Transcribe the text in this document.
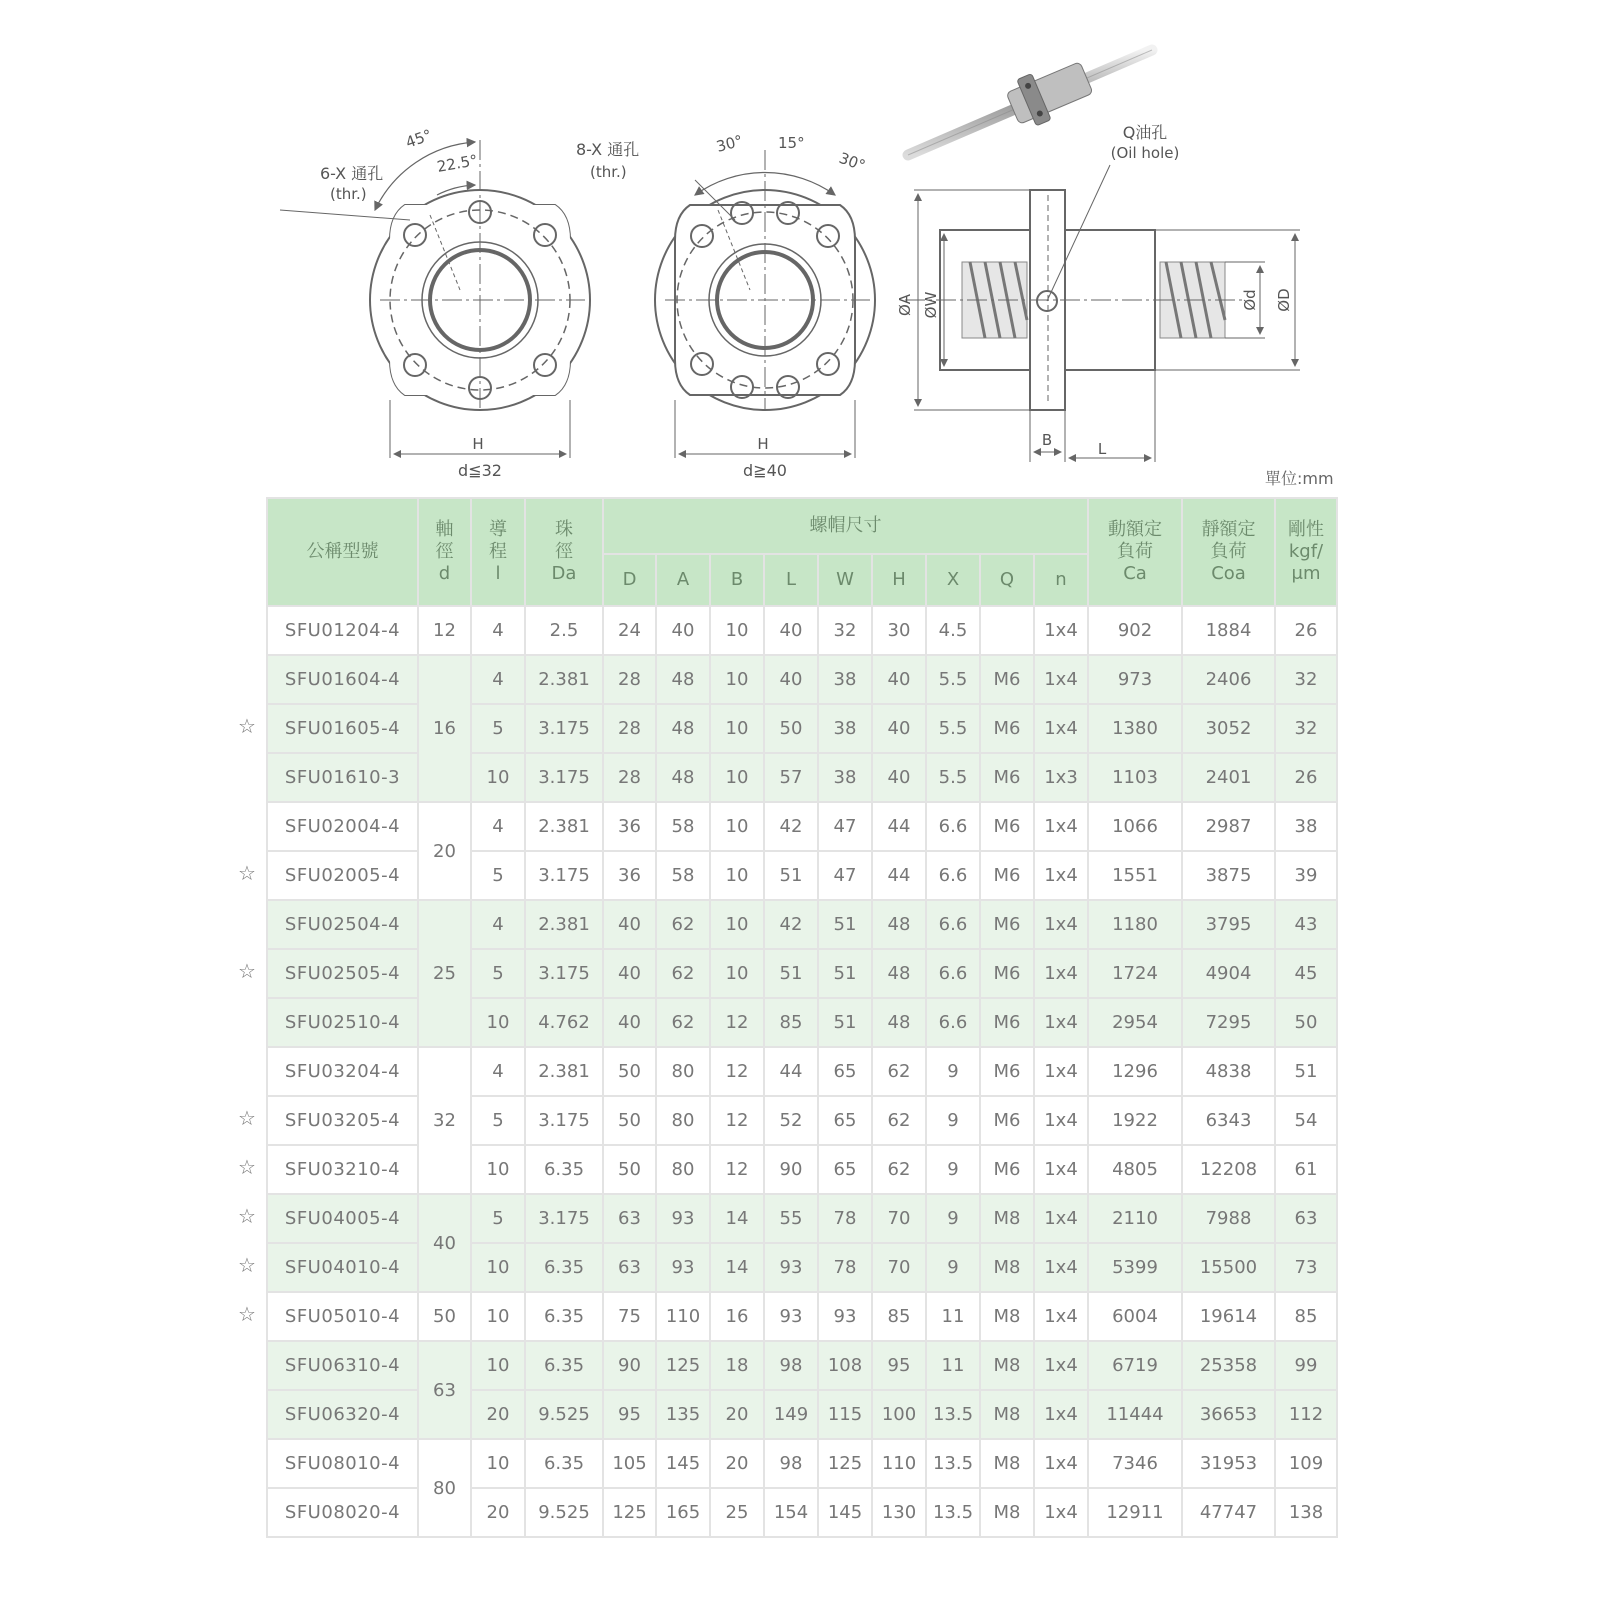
6-X 通孔
(thr.)
45°
22.5°
H
d≦32
8-X 通孔
(thr.)
30° 15°
30°
H
d≧40
Q油孔
(Oil hole)
ØA ØW	Ød ØD
B	L
單位:mm
公稱型號	軸
徑
d	導
程
l	珠
徑
Da	螺帽尺寸									動額定
負荷
Ca	靜額定
負荷
Coa	剛性
kgf/
μm
				D	A	B	L	W	H	X	Q	n			
SFU01204-4	12	4	2.5	24	40	10	40	32	30	4.5		1x4	902	1884	26
SFU01604-4	16	4	2.381	28	48	10	40	38	40	5.5	M6	1x4	973	2406	32
SFU01605-4		5	3.175	28	48	10	50	38	40	5.5	M6	1x4	1380	3052	32
SFU01610-3		10	3.175	28	48	10	57	38	40	5.5	M6	1x3	1103	2401	26
SFU02004-4	20	4	2.381	36	58	10	42	47	44	6.6	M6	1x4	1066	2987	38
SFU02005-4		5	3.175	36	58	10	51	47	44	6.6	M6	1x4	1551	3875	39
SFU02504-4	25	4	2.381	40	62	10	42	51	48	6.6	M6	1x4	1180	3795	43
SFU02505-4		5	3.175	40	62	10	51	51	48	6.6	M6	1x4	1724	4904	45
SFU02510-4		10	4.762	40	62	12	85	51	48	6.6	M6	1x4	2954	7295	50
SFU03204-4	32	4	2.381	50	80	12	44	65	62	9	M6	1x4	1296	4838	51
SFU03205-4		5	3.175	50	80	12	52	65	62	9	M6	1x4	1922	6343	54
SFU03210-4		10	6.35	50	80	12	90	65	62	9	M6	1x4	4805	12208	61
SFU04005-4	40	5	3.175	63	93	14	55	78	70	9	M8	1x4	2110	7988	63
SFU04010-4		10	6.35	63	93	14	93	78	70	9	M8	1x4	5399	15500	73
SFU05010-4	50	10	6.35	75	110	16	93	93	85	11	M8	1x4	6004	19614	85
SFU06310-4	63	10	6.35	90	125	18	98	108	95	11	M8	1x4	6719	25358	99
SFU06320-4		20	9.525	95	135	20	149	115	100	13.5	M8	1x4	11444	36653	112
SFU08010-4	80	10	6.35	105	145	20	98	125	110	13.5	M8	1x4	7346	31953	109
SFU08020-4		20	9.525	125	165	25	154	145	130	13.5	M8	1x4	12911	47747	138
☆
☆
☆
☆
☆
☆
☆
☆
